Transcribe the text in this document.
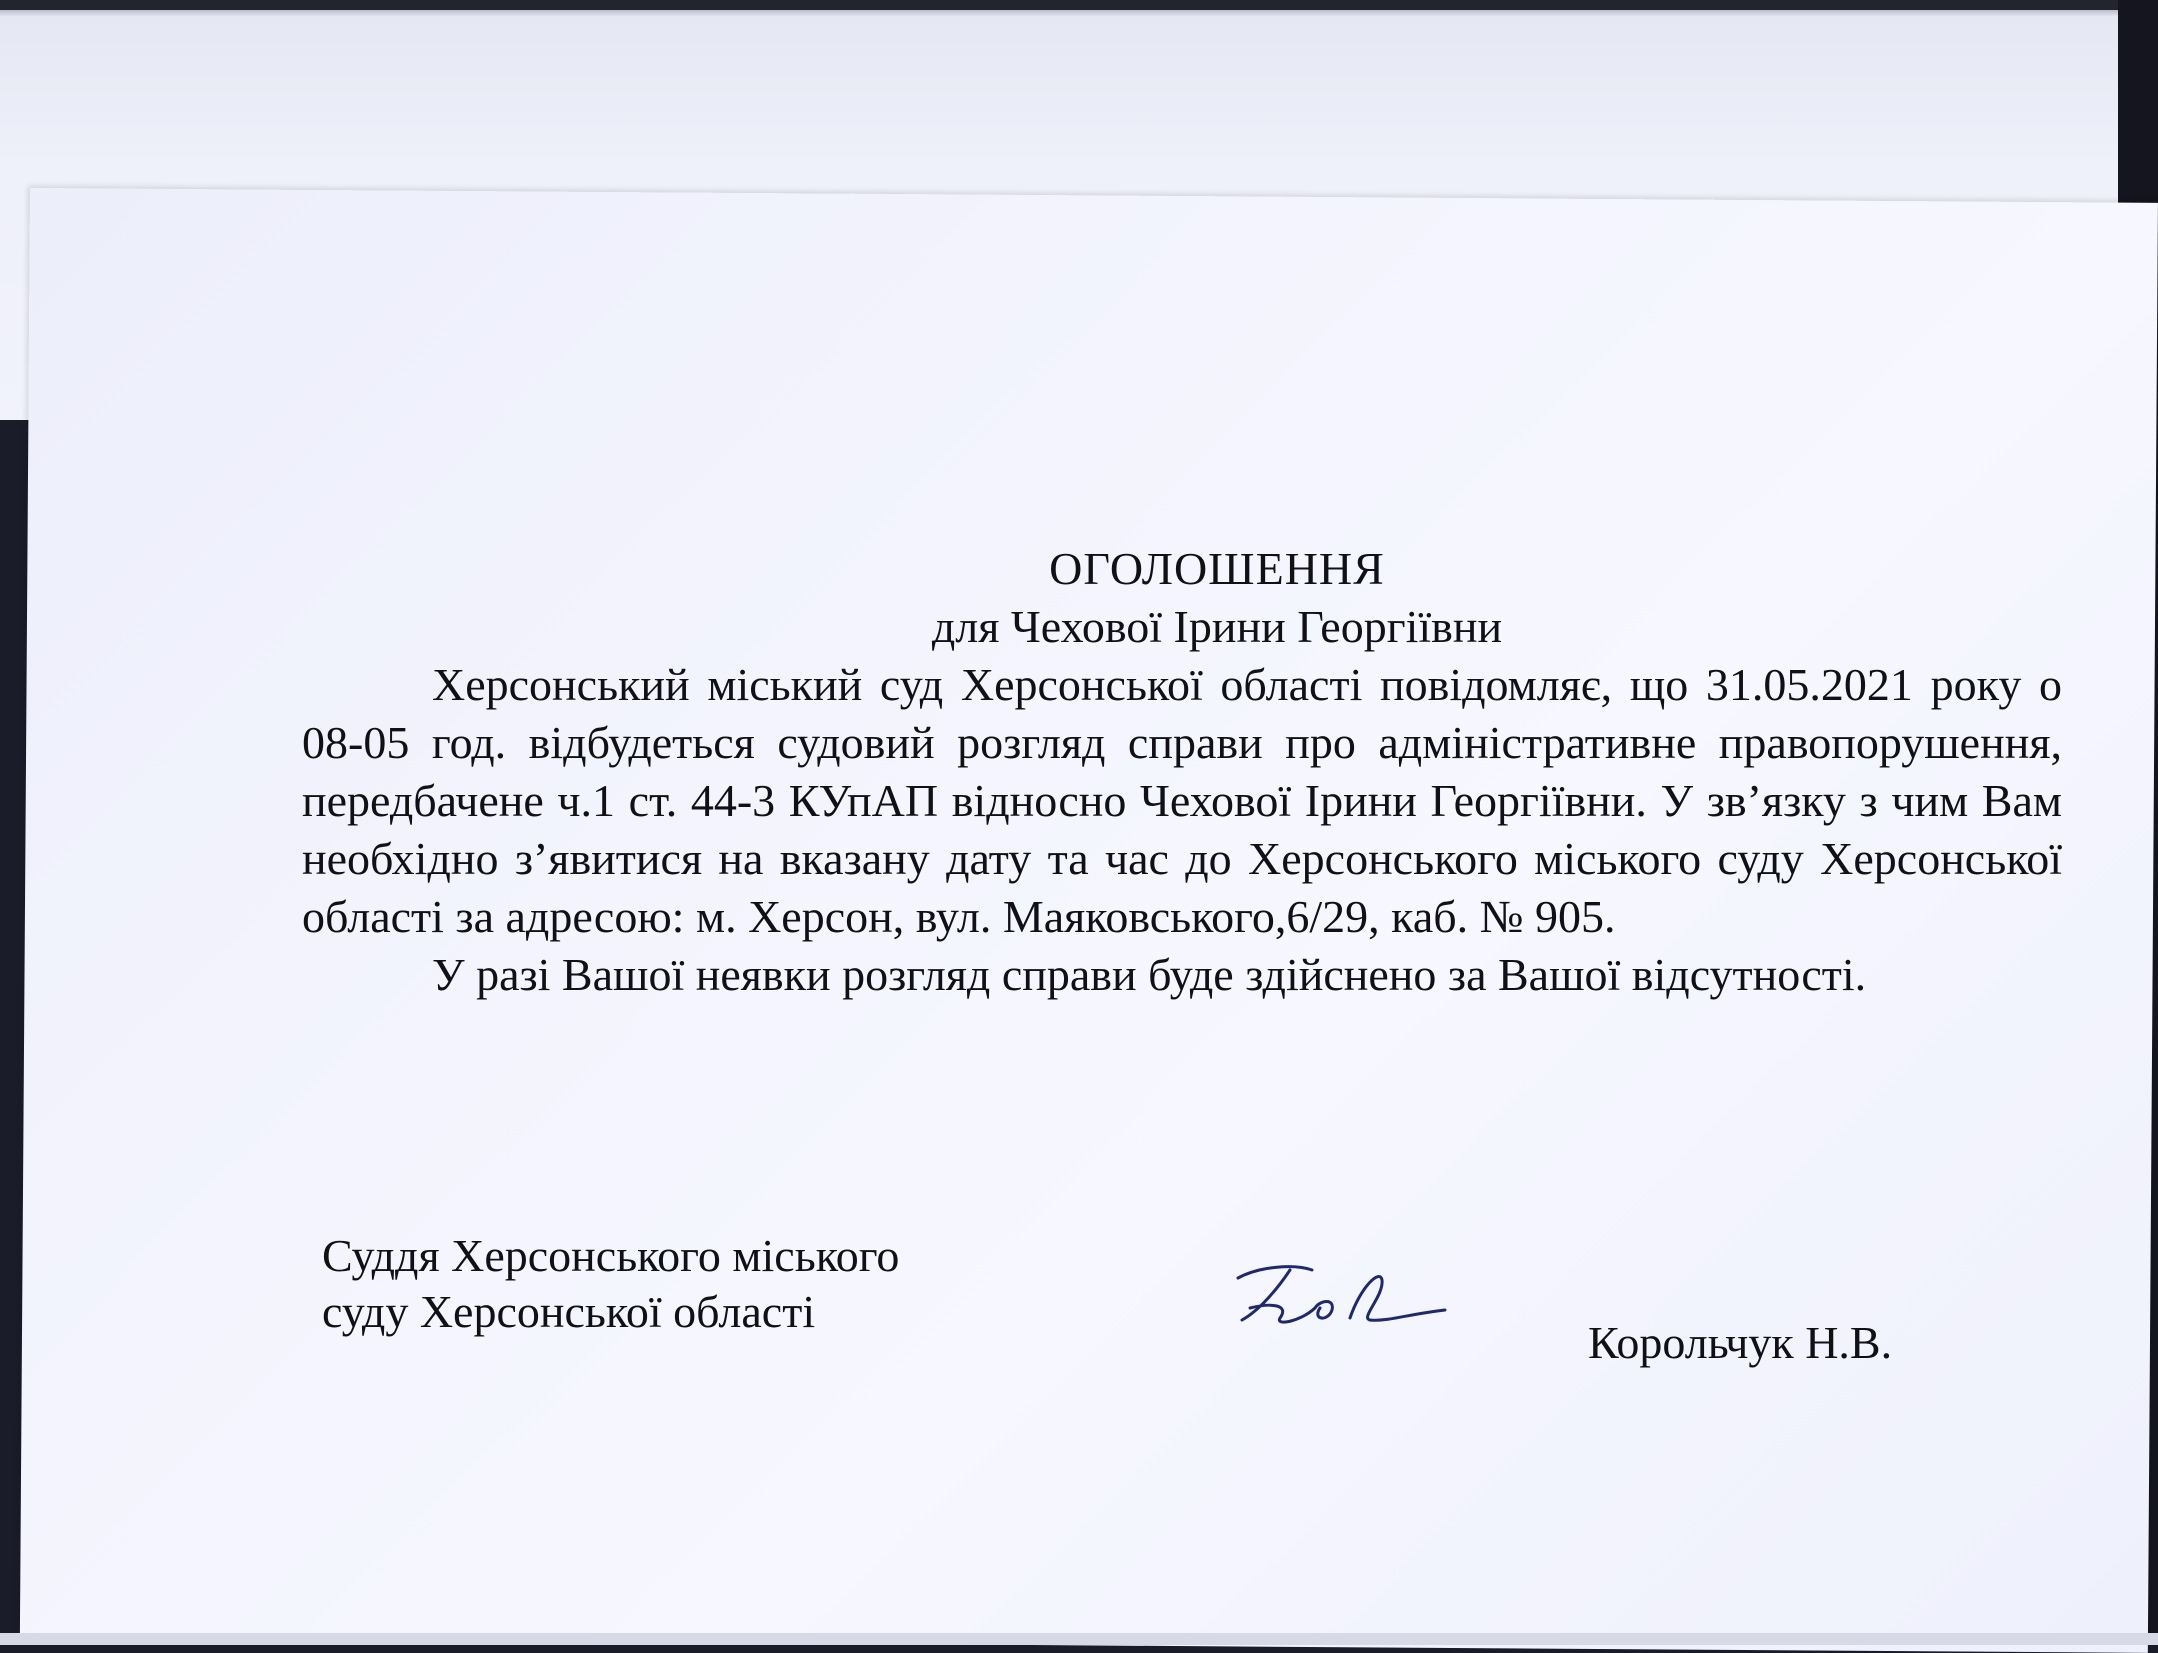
ОГОЛОШЕННЯ

для Чехової Ірини Георгіївни

Херсонський міський суд Херсонської області повідомляє, що 31.05.2021 року о 08-05 год. відбудеться судовий розгляд справи про адміністративне правопорушення, передбачене ч.1 ст. 44-3 КУпАП відносно Чехової Ірини Георгіївни. У зв’язку з чим Вам необхідно з’явитися на вказану дату та час до Херсонського міського суду Херсонської області за адресою: м. Херсон, вул. Маяковського,6/29, каб. № 905.

У разі Вашої неявки розгляд справи буде здійснено за Вашої відсутності.

Суддя Херсонського міського
суду Херсонської області
Корольчук Н.В.
